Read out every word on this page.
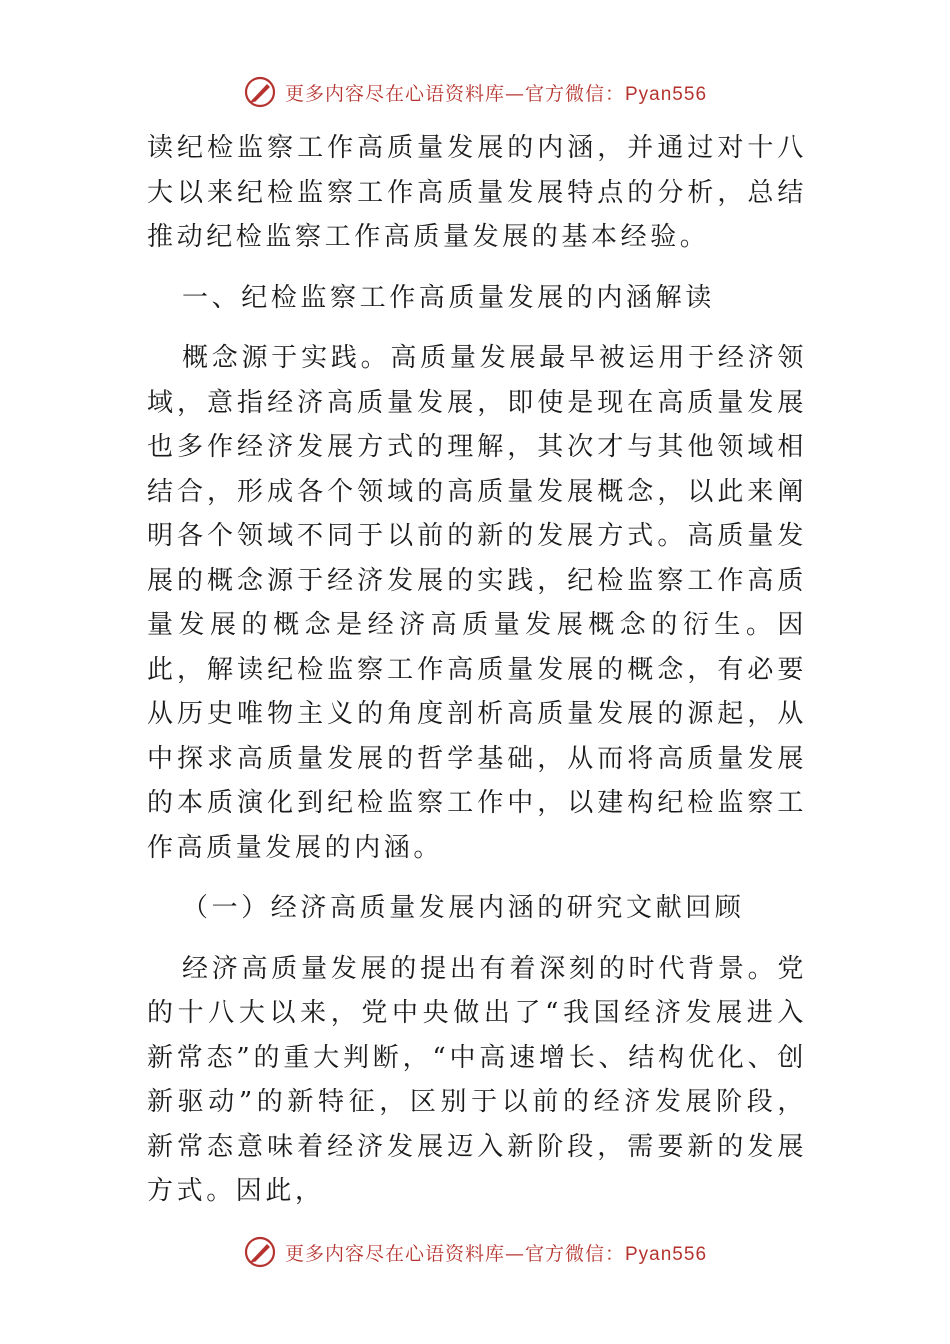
更多内容尽在心语资料库—官方微信：Pyan556

读纪检监察工作高质量发展的内涵，并通过对十八大以来纪检监察工作高质量发展特点的分析，总结推动纪检监察工作高质量发展的基本经验。

一、纪检监察工作高质量发展的内涵解读

概念源于实践。高质量发展最早被运用于经济领域，意指经济高质量发展，即使是现在高质量发展也多作经济发展方式的理解，其次才与其他领域相结合，形成各个领域的高质量发展概念，以此来阐明各个领域不同于以前的新的发展方式。高质量发展的概念源于经济发展的实践，纪检监察工作高质量发展的概念是经济高质量发展概念的衍生。因此，解读纪检监察工作高质量发展的概念，有必要从历史唯物主义的角度剖析高质量发展的源起，从中探求高质量发展的哲学基础，从而将高质量发展的本质演化到纪检监察工作中，以建构纪检监察工作高质量发展的内涵。

（一）经济高质量发展内涵的研究文献回顾

经济高质量发展的提出有着深刻的时代背景。党的十八大以来，党中央做出了“我国经济发展进入新常态”的重大判断，“中高速增长、结构优化、创新驱动”的新特征，区别于以前的经济发展阶段，新常态意味着经济发展迈入新阶段，需要新的发展方式。因此，

更多内容尽在心语资料库—官方微信：Pyan556
